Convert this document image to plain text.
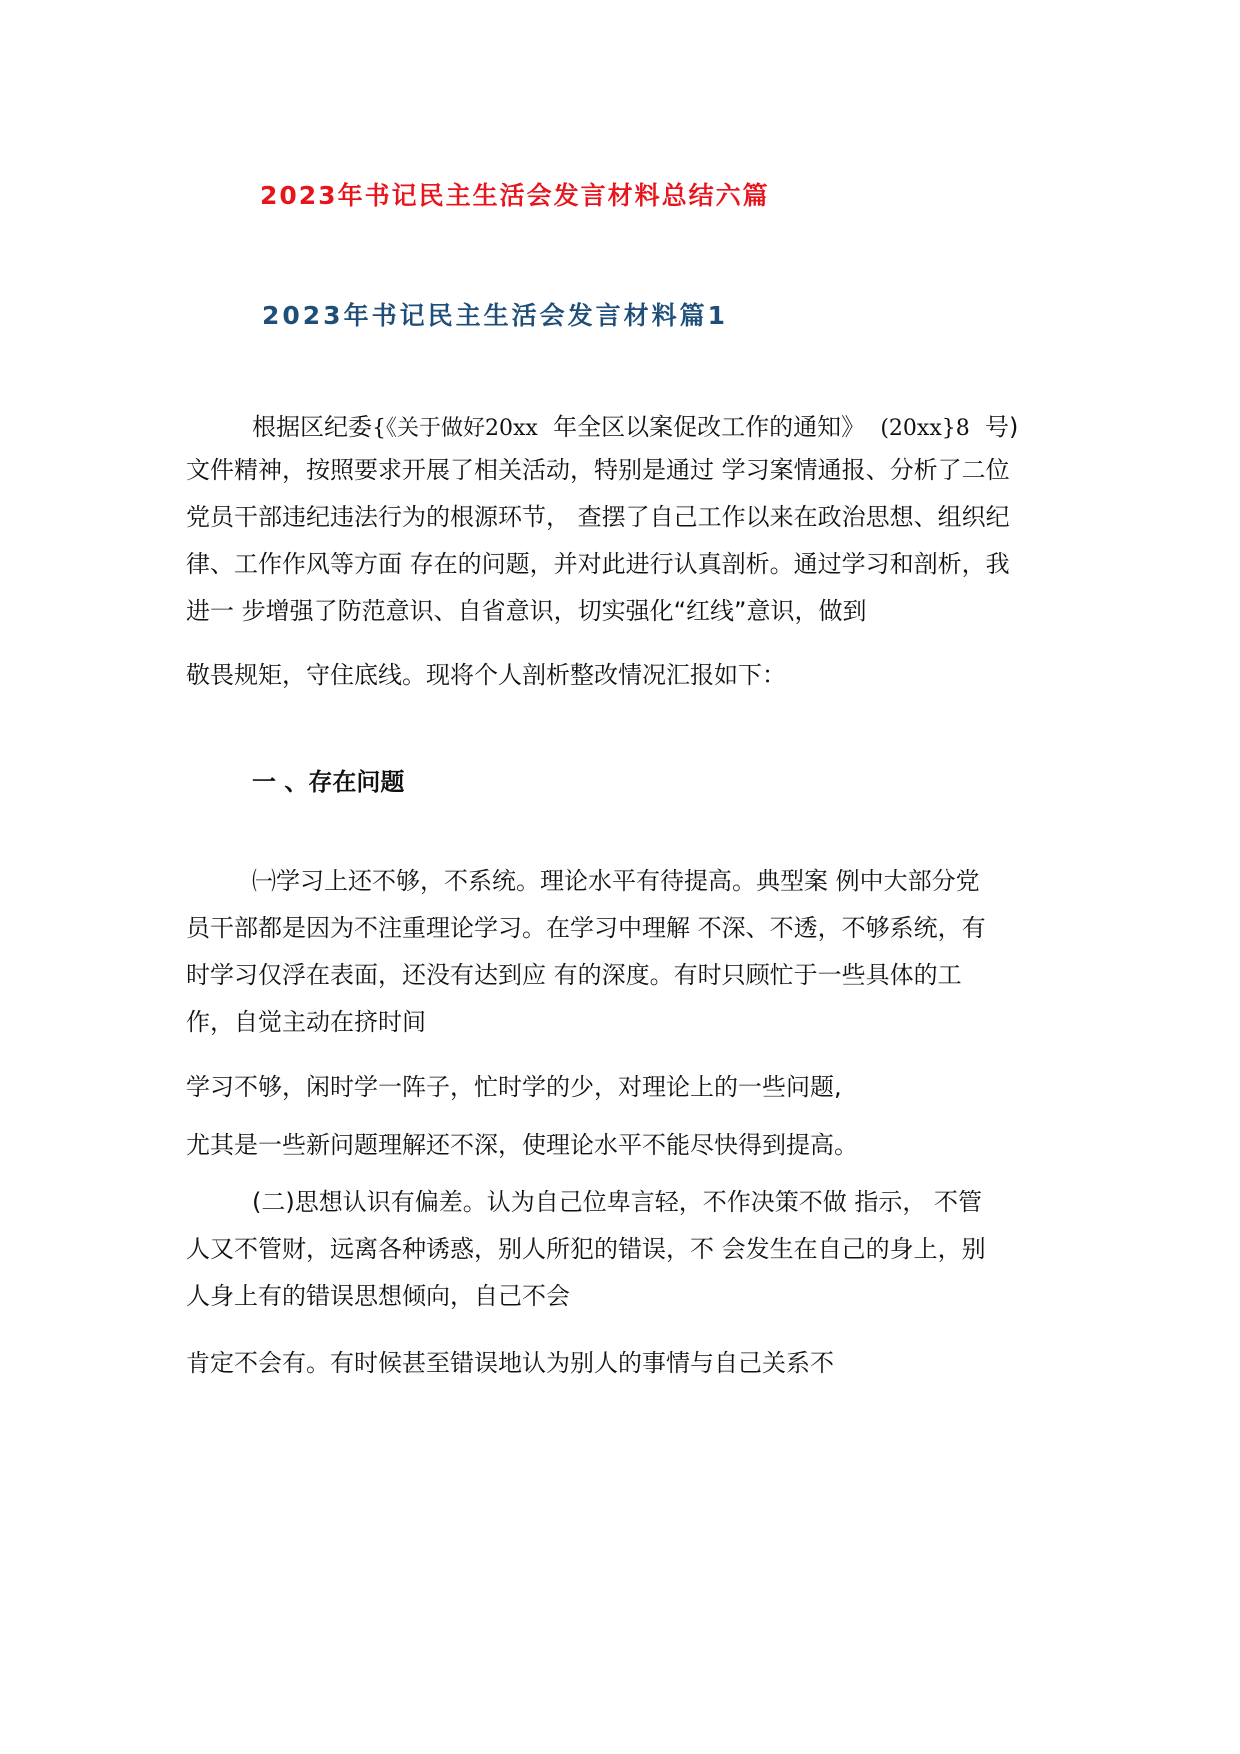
2023年书记民主生活会发言材料总结六篇
2023年书记民主生活会发言材料篇1
根据区纪委{《关于做好20xx 年全区以案促改工作的通知》 (20xx}8 号)
文件精神，按照要求开展了相关活动，特别是通过 学习案情通报、分析了二位
党员干部违纪违法行为的根源环节， 查摆了自己工作以来在政治思想、组织纪
律、工作作风等方面 存在的问题，并对此进行认真剖析。通过学习和剖析，我
进一 步增强了防范意识、自省意识，切实强化“红线”意识，做到
敬畏规矩，守住底线。现将个人剖析整改情况汇报如下：
一 、存在问题
㈠学习上还不够，不系统。理论水平有待提高。典型案 例中大部分党
员干部都是因为不注重理论学习。在学习中理解 不深、不透，不够系统，有
时学习仅浮在表面，还没有达到应 有的深度。有时只顾忙于一些具体的工
作，自觉主动在挤时间
学习不够，闲时学一阵子，忙时学的少，对理论上的一些问题,
尤其是一些新问题理解还不深，使理论水平不能尽快得到提高。
(二)思想认识有偏差。认为自己位卑言轻，不作决策不做 指示， 不管
人又不管财，远离各种诱惑，别人所犯的错误，不 会发生在自己的身上，别
人身上有的错误思想倾向，自己不会
肯定不会有。有时候甚至错误地认为别人的事情与自己关系不
